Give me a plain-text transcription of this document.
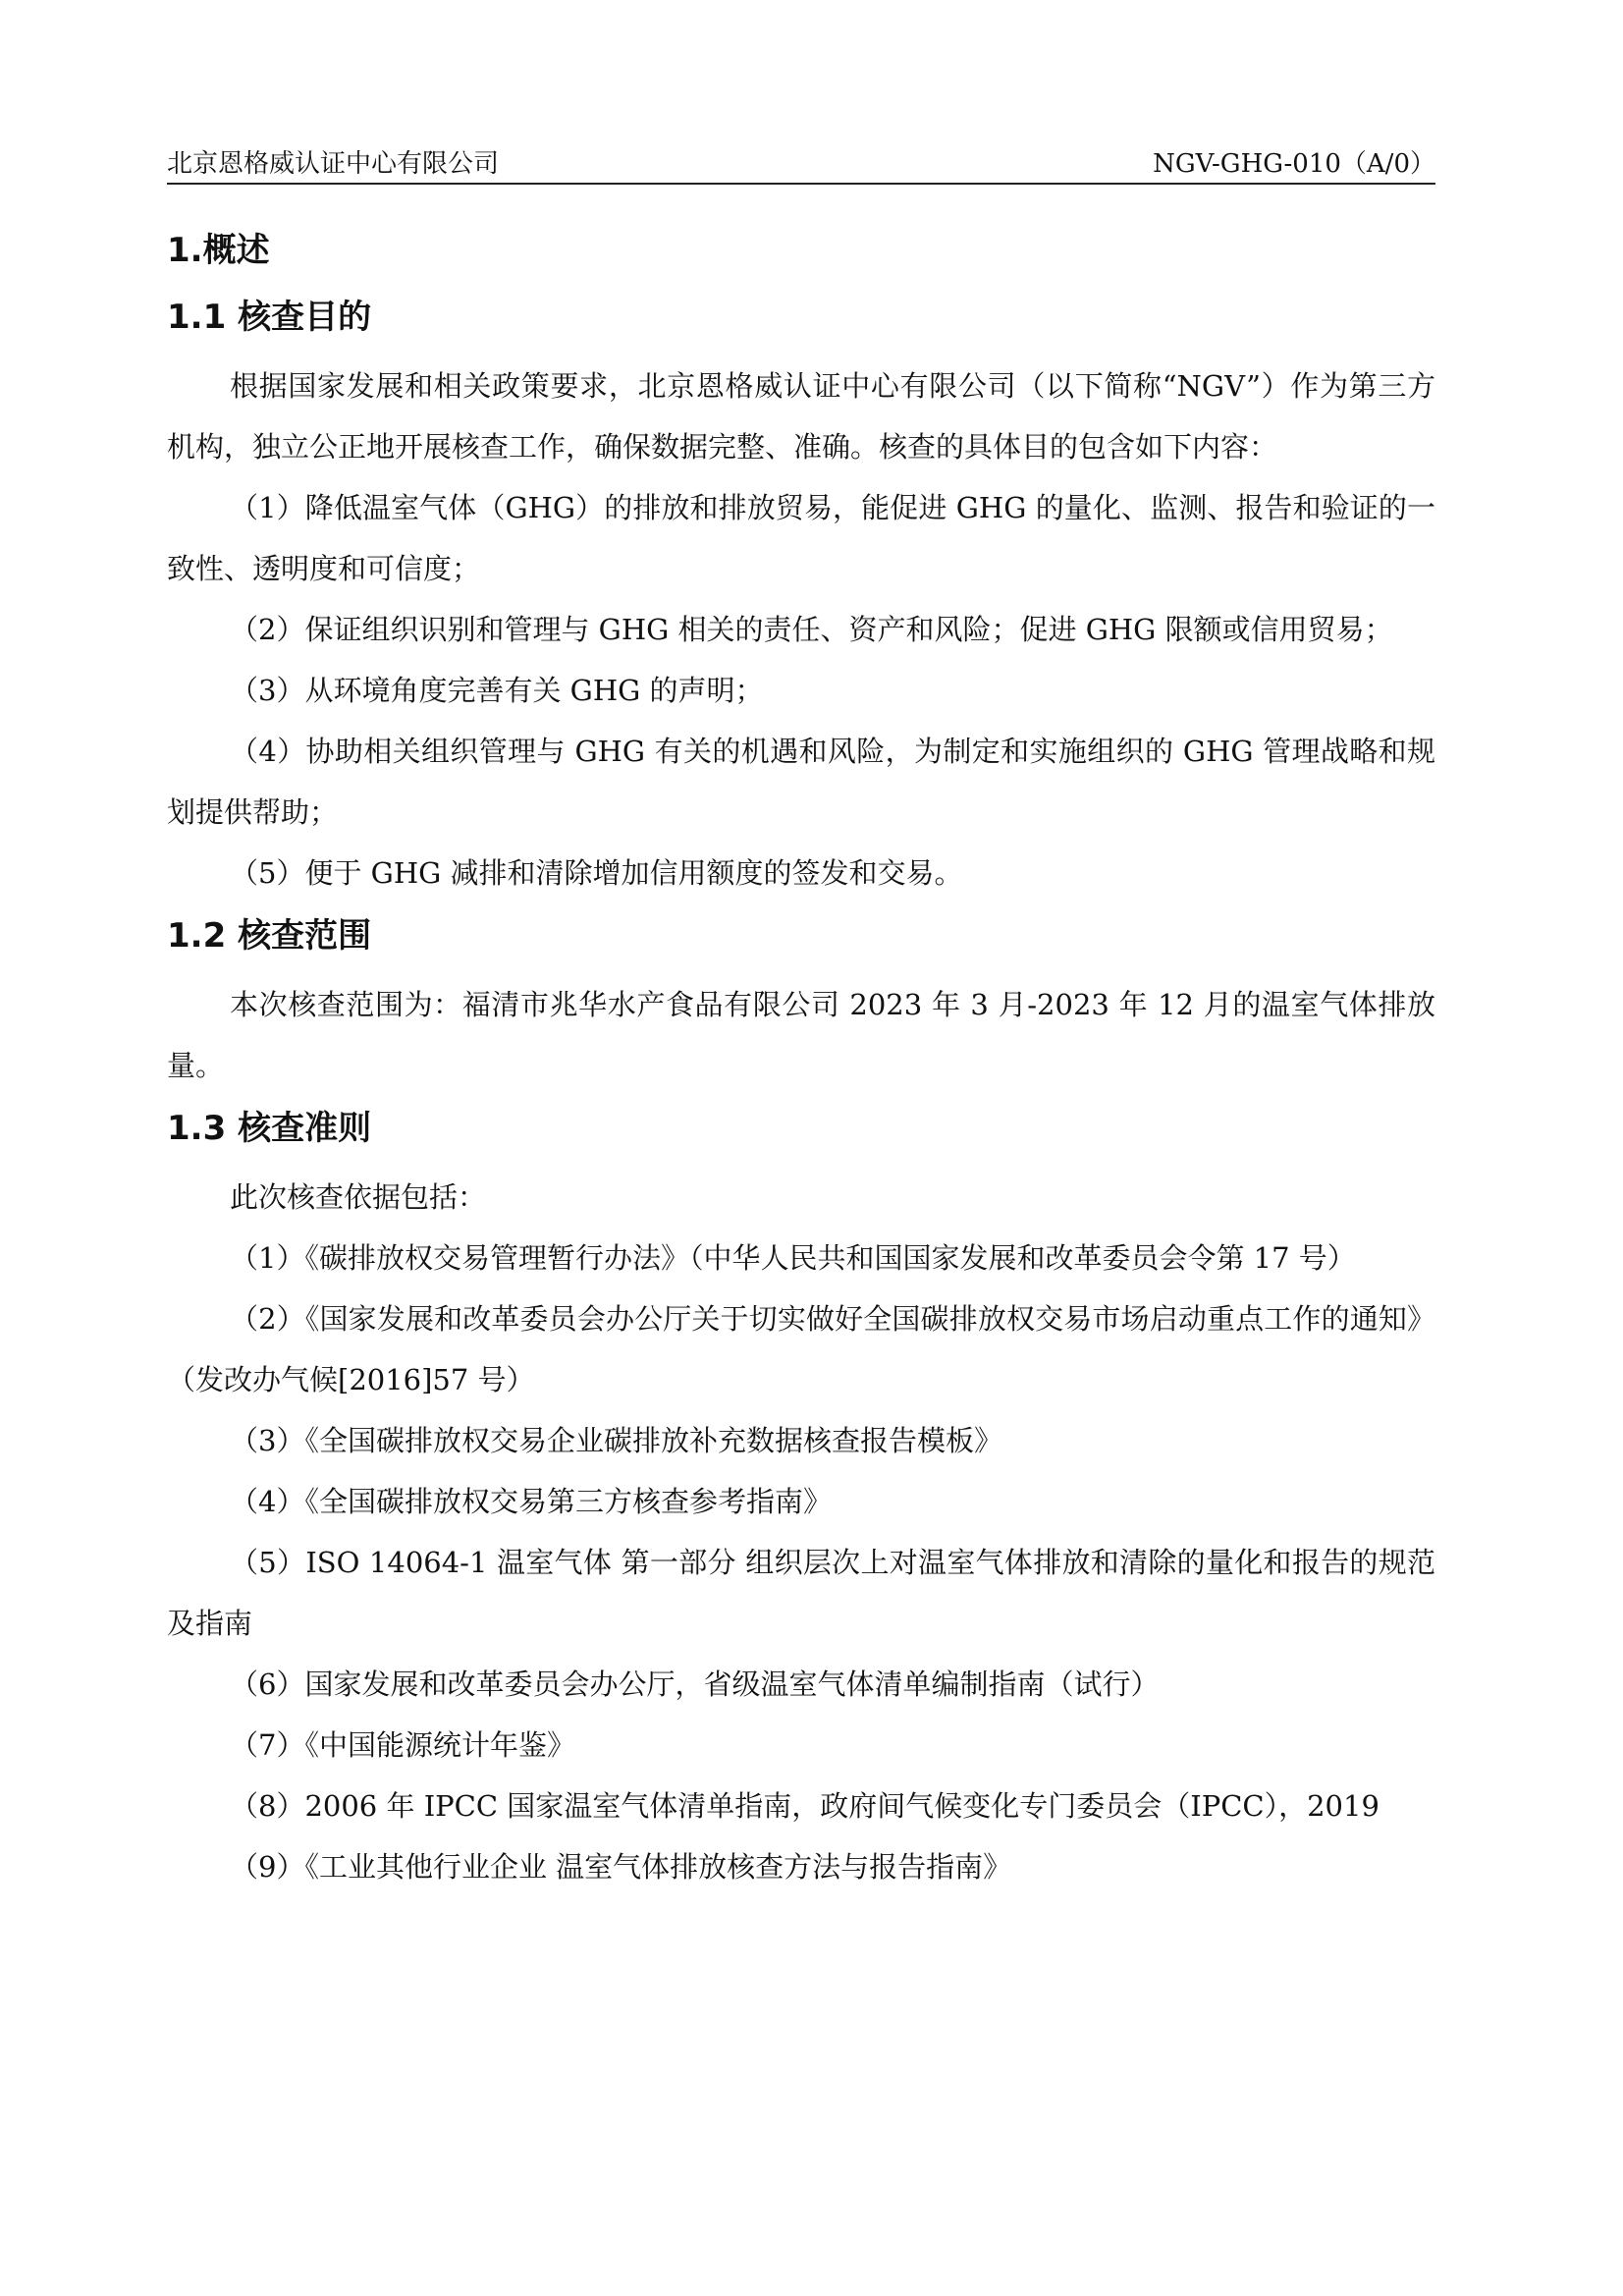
北京恩格威认证中心有限公司	NGV-GHG-010（A/0）
1.概述
1.1 核查目的

根据国家发展和相关政策要求，北京恩格威认证中心有限公司（以下简称“NGV”）作为第三方机构，独立公正地开展核查工作，确保数据完整、准确。核查的具体目的包含如下内容：

（1）降低温室气体（GHG）的排放和排放贸易，能促进 GHG 的量化、监测、报告和验证的一致性、透明度和可信度；

（2）保证组织识别和管理与 GHG 相关的责任、资产和风险；促进 GHG 限额或信用贸易；

（3）从环境角度完善有关 GHG 的声明；

（4）协助相关组织管理与 GHG 有关的机遇和风险，为制定和实施组织的 GHG 管理战略和规划提供帮助；

（5）便于 GHG 减排和清除增加信用额度的签发和交易。

1.2 核查范围

本次核查范围为：福清市兆华水产食品有限公司 2023 年 3 月-2023 年 12 月的温室气体排放量。

1.3 核查准则

此次核查依据包括：

（1）《碳排放权交易管理暂行办法》（中华人民共和国国家发展和改革委员会令第 17 号）

（2）《国家发展和改革委员会办公厅关于切实做好全国碳排放权交易市场启动重点工作的通知》（发改办气候[2016]57 号）

（3）《全国碳排放权交易企业碳排放补充数据核查报告模板》

（4）《全国碳排放权交易第三方核查参考指南》

（5）ISO 14064-1 温室气体 第一部分 组织层次上对温室气体排放和清除的量化和报告的规范及指南

（6）国家发展和改革委员会办公厅，省级温室气体清单编制指南（试行）

（7）《中国能源统计年鉴》

（8）2006 年 IPCC 国家温室气体清单指南，政府间气候变化专门委员会（IPCC），2019

（9）《工业其他行业企业 温室气体排放核查方法与报告指南》
